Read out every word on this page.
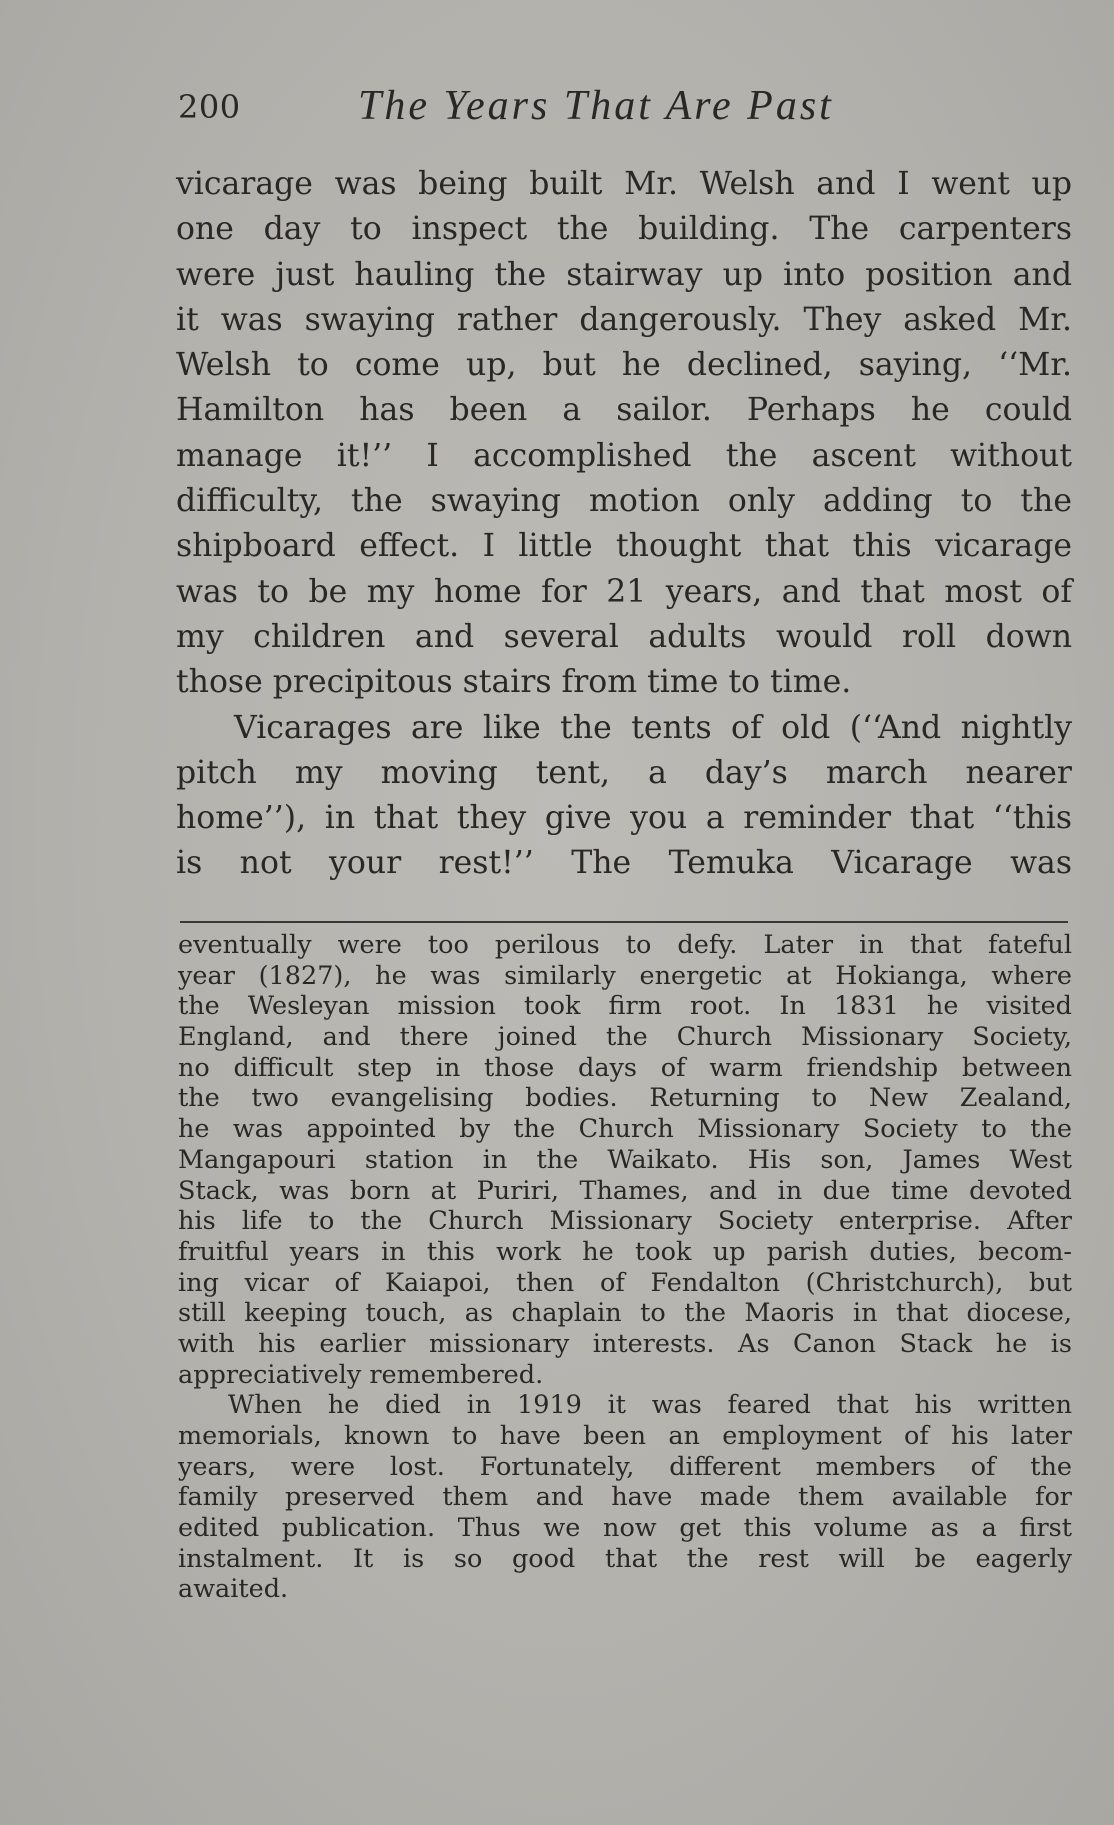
200	The Years That Are Past
vicarage was being built Mr. Welsh and I went up
one day to inspect the building. The carpenters
were just hauling the stairway up into position and
it was swaying rather dangerously. They asked Mr.
Welsh to come up, but he declined, saying, ‘‘Mr.
Hamilton has been a sailor. Perhaps he could
manage it!’’ I accomplished the ascent without
difficulty, the swaying motion only adding to the
shipboard effect. I little thought that this vicarage
was to be my home for 21 years, and that most of
my children and several adults would roll down
those precipitous stairs from time to time.
Vicarages are like the tents of old (‘‘And nightly
pitch my moving tent, a day’s march nearer
home’’), in that they give you a reminder that ‘‘this
is not your rest!’’ The Temuka Vicarage was
eventually were too perilous to defy. Later in that fateful
year (1827), he was similarly energetic at Hokianga, where
the Wesleyan mission took firm root. In 1831 he visited
England, and there joined the Church Missionary Society,
no difficult step in those days of warm friendship between
the two evangelising bodies. Returning to New Zealand,
he was appointed by the Church Missionary Society to the
Mangapouri station in the Waikato. His son, James West
Stack, was born at Puriri, Thames, and in due time devoted
his life to the Church Missionary Society enterprise. After
fruitful years in this work he took up parish duties, becom-
ing vicar of Kaiapoi, then of Fendalton (Christchurch), but
still keeping touch, as chaplain to the Maoris in that diocese,
with his earlier missionary interests. As Canon Stack he is
appreciatively remembered.
When he died in 1919 it was feared that his written
memorials, known to have been an employment of his later
years, were lost. Fortunately, different members of the
family preserved them and have made them available for
edited publication. Thus we now get this volume as a first
instalment. It is so good that the rest will be eagerly
awaited.
